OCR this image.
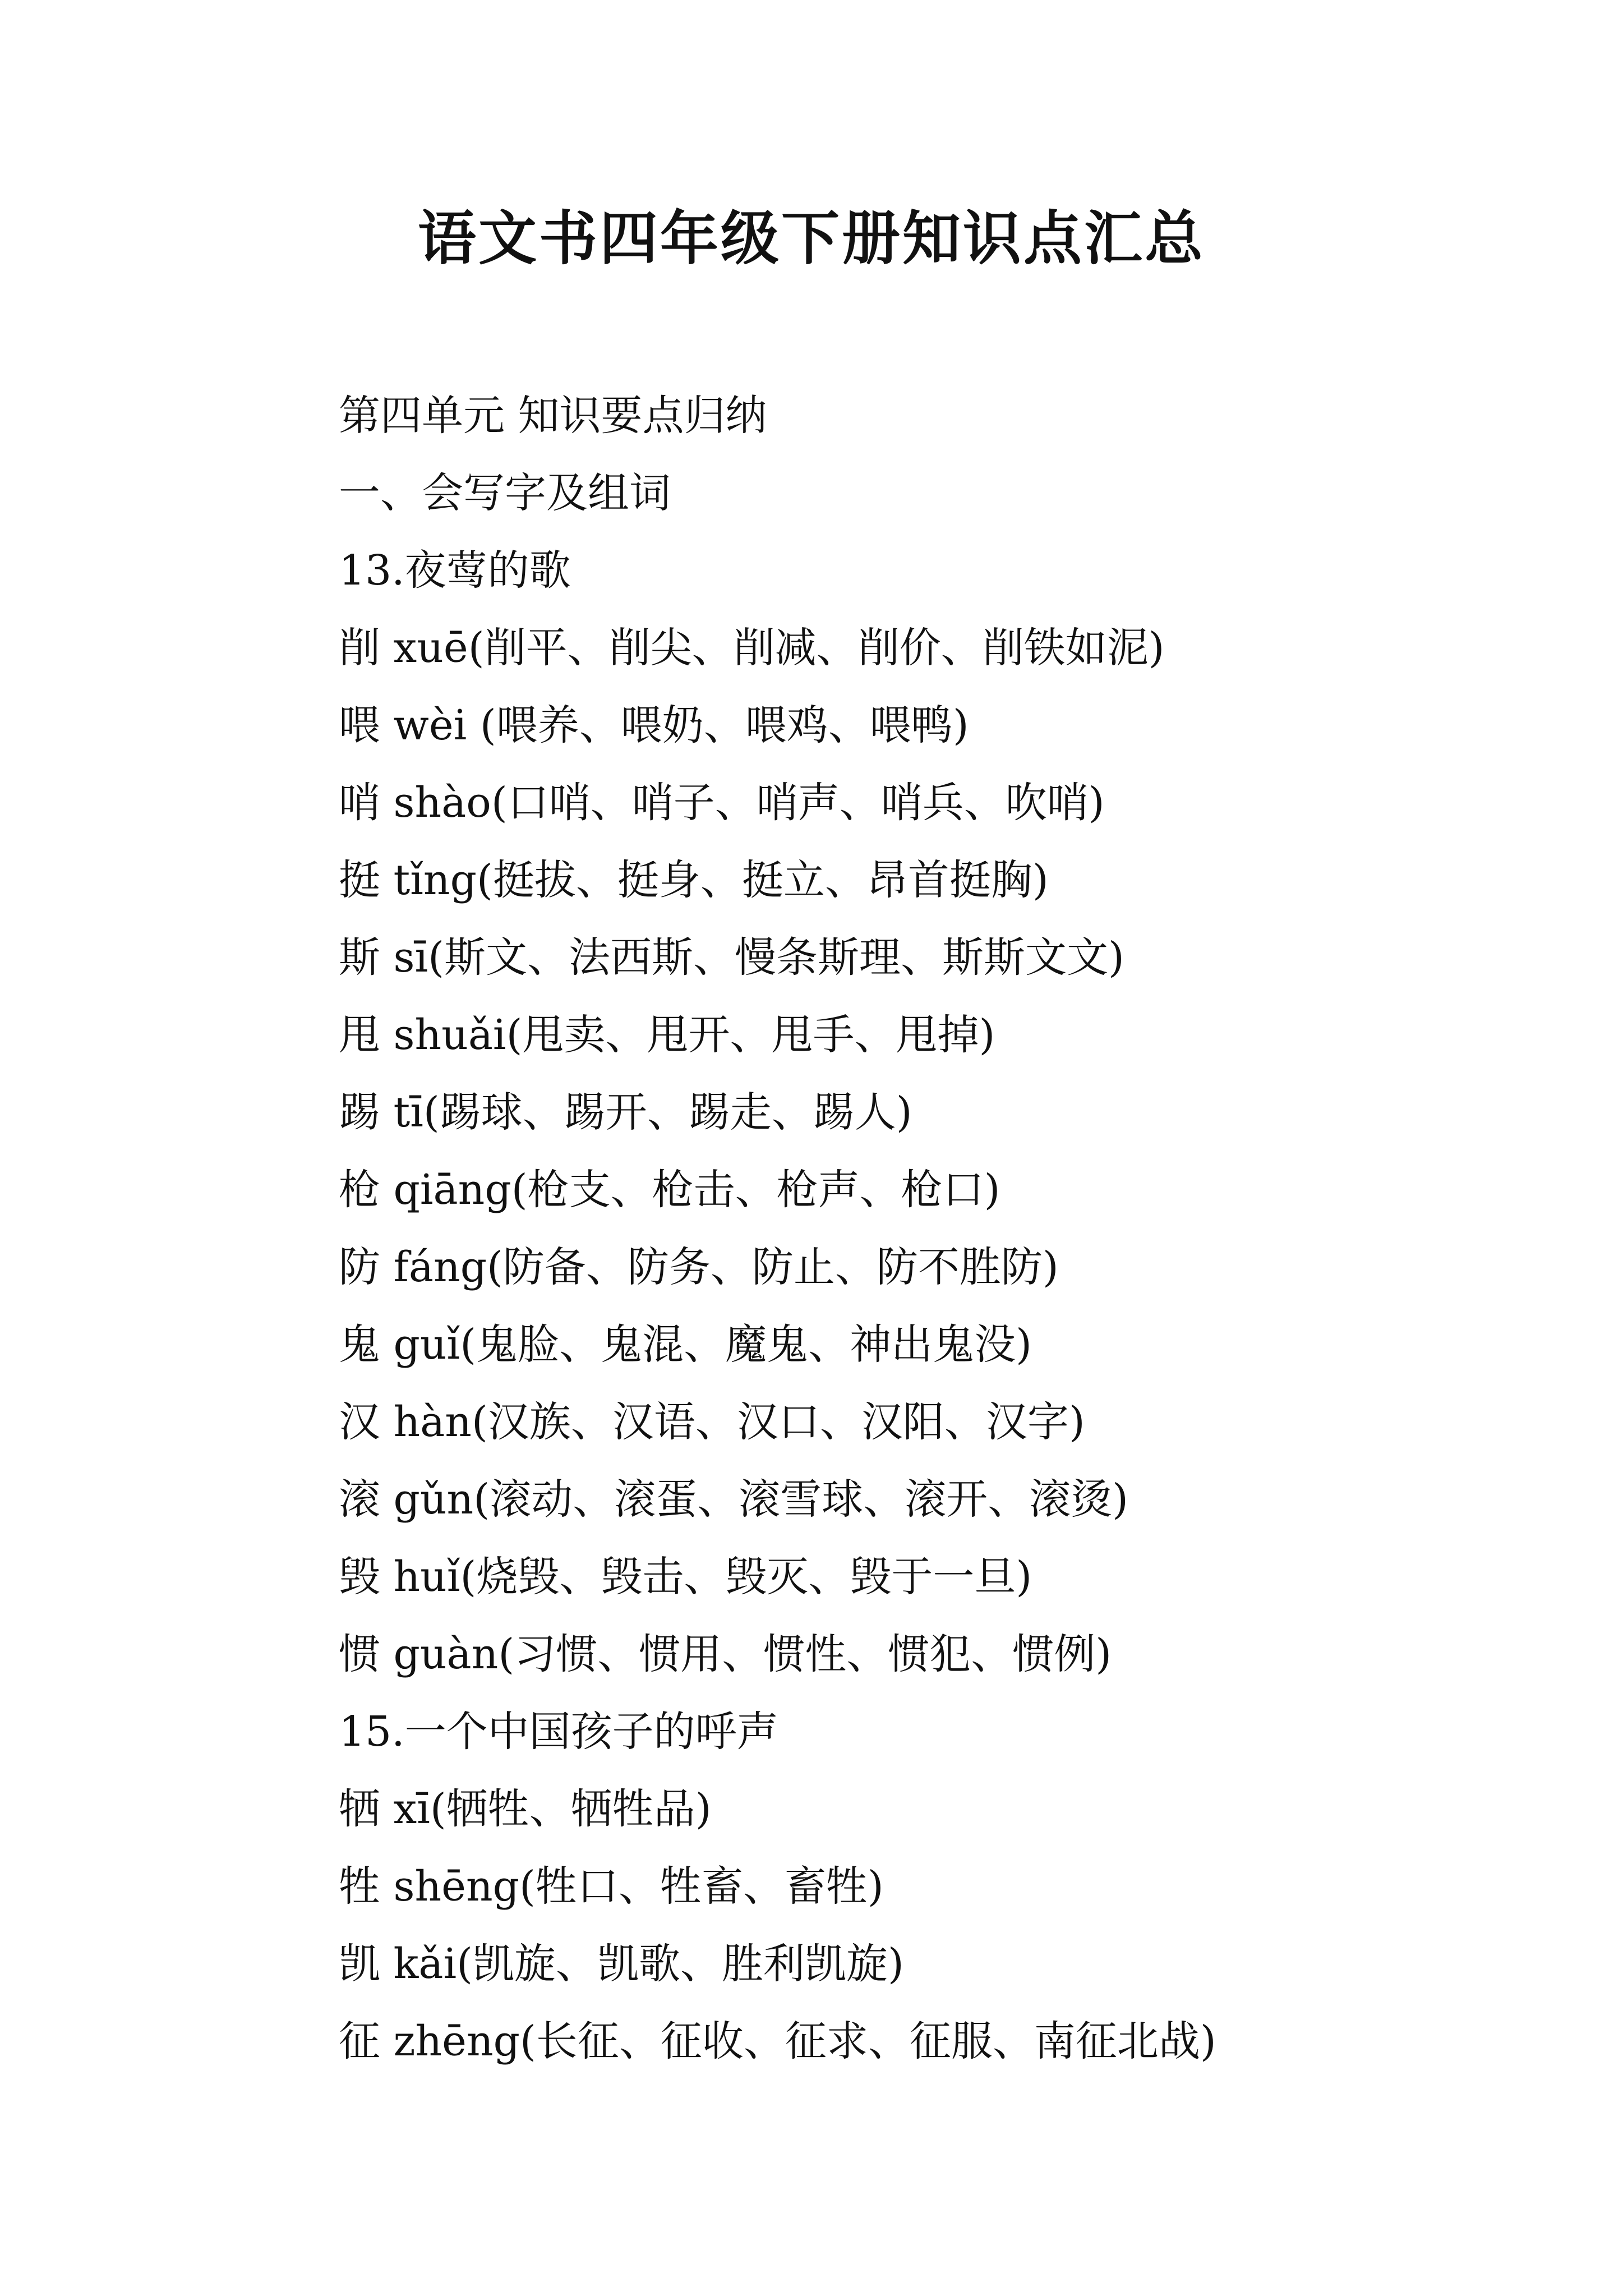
语文书四年级下册知识点汇总

第四单元 知识要点归纳

一、会写字及组词

13.夜莺的歌

削 xuē(削平、削尖、削减、削价、削铁如泥)

喂 wèi (喂养、喂奶、喂鸡、喂鸭)

哨 shào(口哨、哨子、哨声、哨兵、吹哨)

挺 tǐng(挺拔、挺身、挺立、昂首挺胸)

斯 sī(斯文、法西斯、慢条斯理、斯斯文文)

甩 shuǎi(甩卖、甩开、甩手、甩掉)

踢 tī(踢球、踢开、踢走、踢人)

枪 qiāng(枪支、枪击、枪声、枪口)

防 fáng(防备、防务、防止、防不胜防)

鬼 guǐ(鬼脸、鬼混、魔鬼、神出鬼没)

汉 hàn(汉族、汉语、汉口、汉阳、汉字)

滚 gǔn(滚动、滚蛋、滚雪球、滚开、滚烫)

毁 huǐ(烧毁、毁击、毁灭、毁于一旦)

惯 guàn(习惯、惯用、惯性、惯犯、惯例)

15.一个中国孩子的呼声

牺 xī(牺牲、牺牲品)

牲 shēng(牲口、牲畜、畜牲)

凯 kǎi(凯旋、凯歌、胜利凯旋)

征 zhēng(长征、征收、征求、征服、南征北战)
